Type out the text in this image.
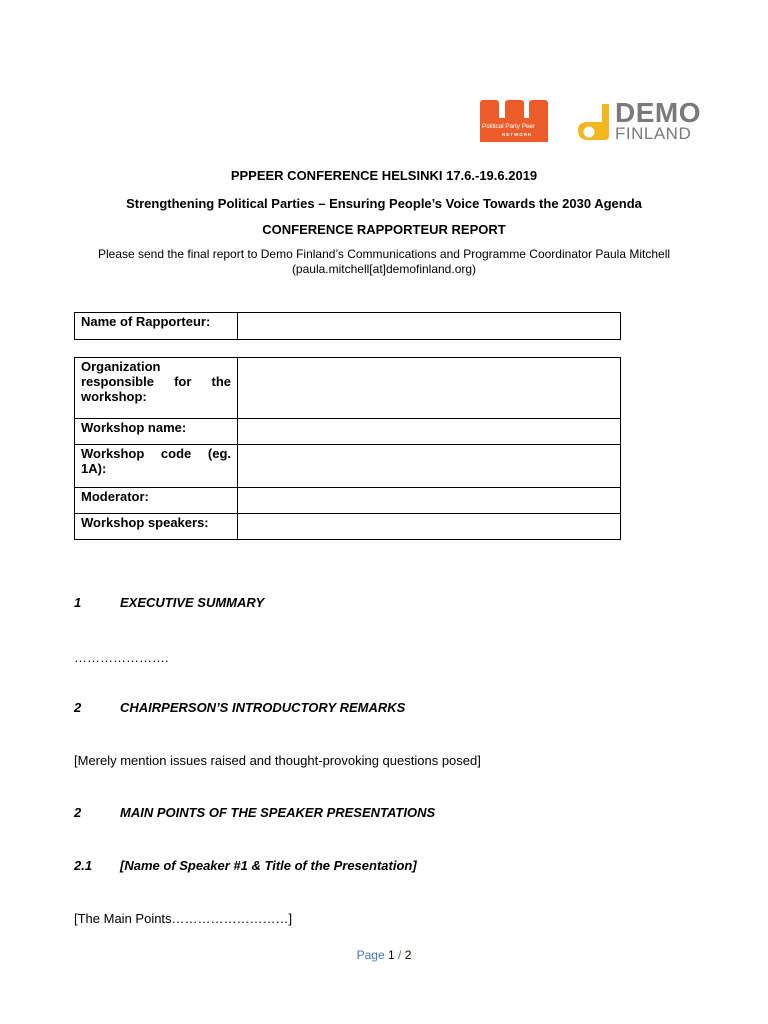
Political Party Peer
NETWORK
DEMO
FINLAND
PPPEER CONFERENCE HELSINKI 17.6.-19.6.2019
Strengthening Political Parties – Ensuring People’s Voice Towards the 2030 Agenda
CONFERENCE RAPPORTEUR REPORT
Please send the final report to Demo Finland’s Communications and Programme Coordinator Paula Mitchell
(paula.mitchell[at]demofinland.org)
Name of Rapporteur:	
Organization responsible for the
workshop:	

Workshop name:	

Workshop code (eg.
1A):	

Moderator:	
Workshop speakers:	
1	EXECUTIVE SUMMARY
………………….
2	CHAIRPERSON’S INTRODUCTORY REMARKS
[Merely mention issues raised and thought-provoking questions posed]
2	MAIN POINTS OF THE SPEAKER PRESENTATIONS
2.1 [Name of Speaker #1 & Title of the Presentation]
[The Main Points………………………]
Page 1 / 2
